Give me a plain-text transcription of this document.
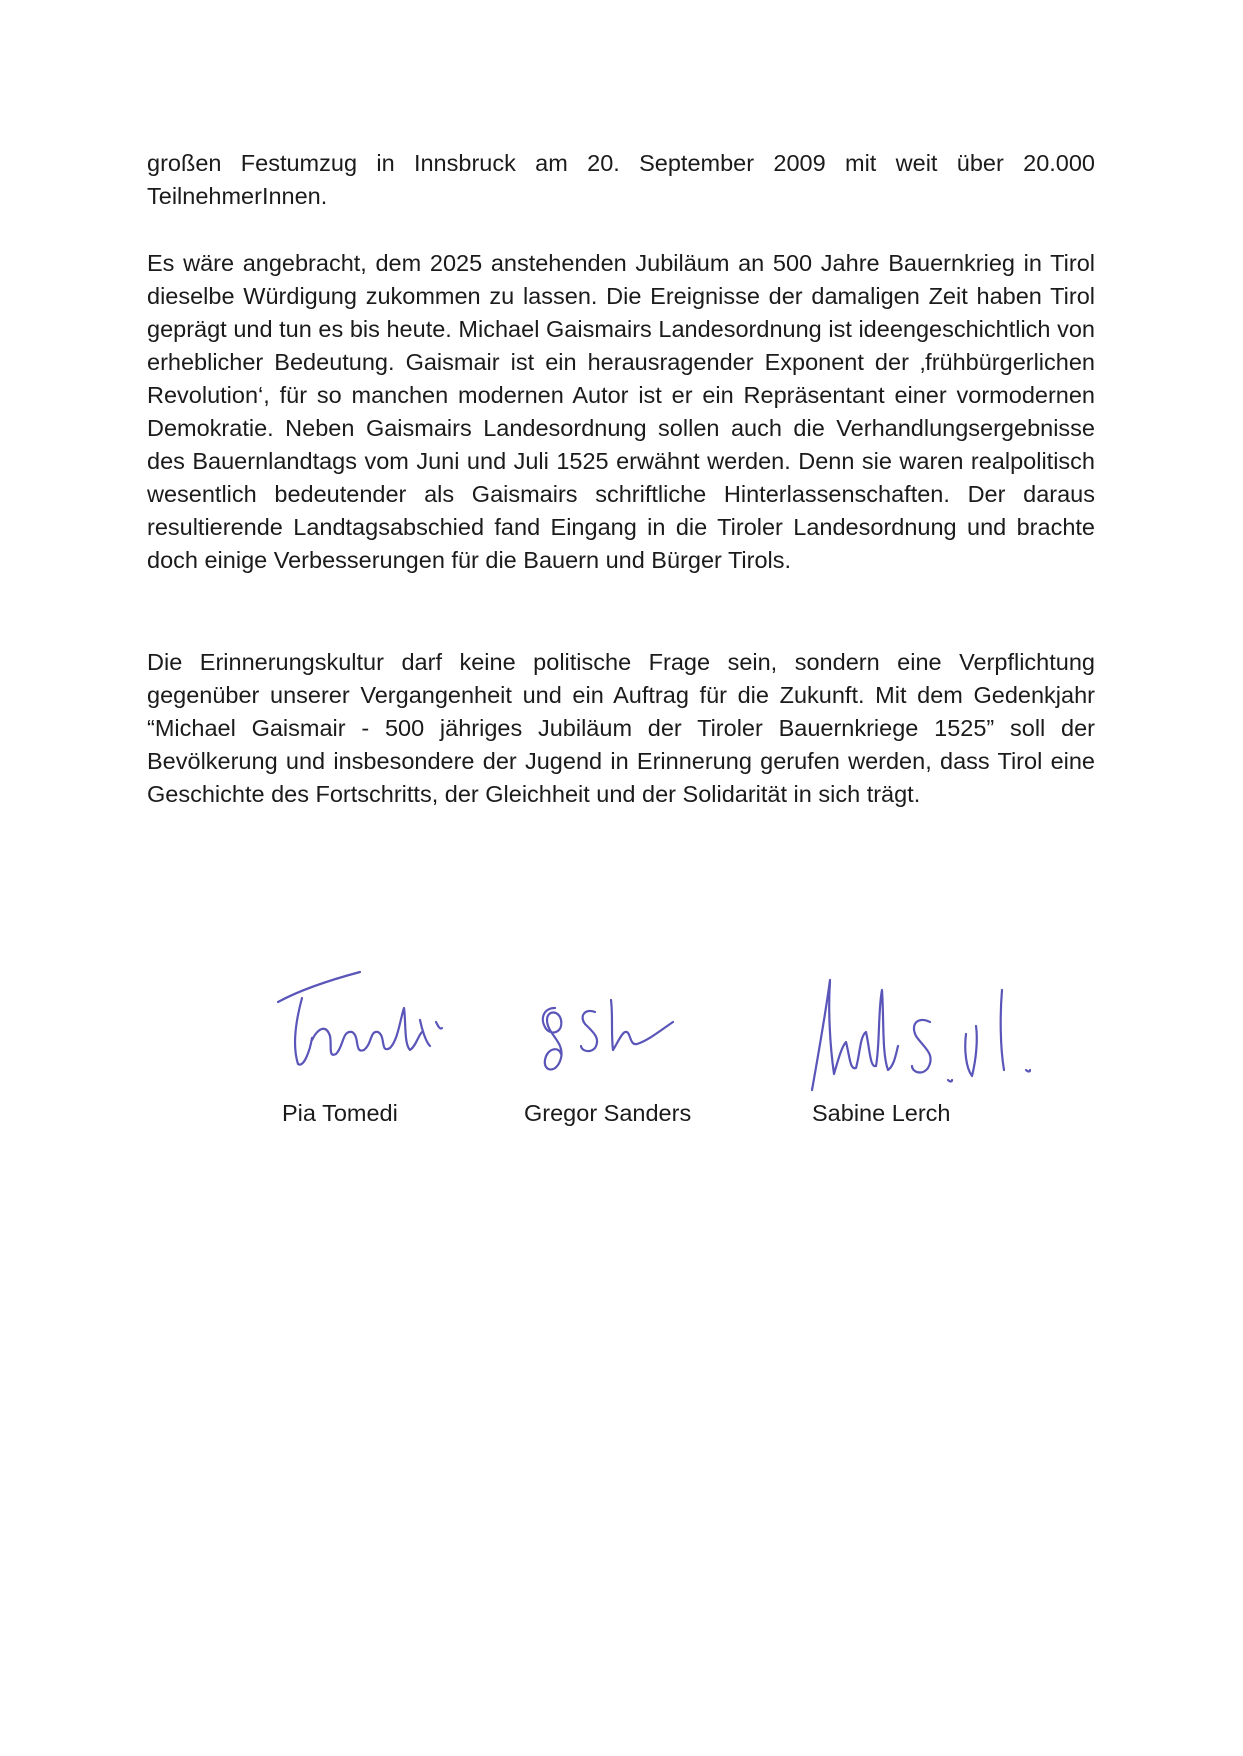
großen Festumzug in Innsbruck am 20. September 2009 mit weit über 20.000 TeilnehmerInnen.

Es wäre angebracht, dem 2025 anstehenden Jubiläum an 500 Jahre Bauernkrieg in Tirol dieselbe Würdigung zukommen zu lassen. Die Ereignisse der damaligen Zeit haben Tirol geprägt und tun es bis heute. Michael Gaismairs Landesordnung ist ideengeschichtlich von erheblicher Bedeutung. Gaismair ist ein herausragender Exponent der ‚frühbürgerlichen Revolution‘, für so manchen modernen Autor ist er ein Repräsentant einer vormodernen Demokratie. Neben Gaismairs Landesordnung sollen auch die Verhandlungsergebnisse des Bauernlandtags vom Juni und Juli 1525 erwähnt werden. Denn sie waren realpolitisch wesentlich bedeutender als Gaismairs schriftliche Hinterlassenschaften. Der daraus resultierende Landtagsabschied fand Eingang in die Tiroler Landesordnung und brachte doch einige Verbesserungen für die Bauern und Bürger Tirols.

Die Erinnerungskultur darf keine politische Frage sein, sondern eine Verpflichtung gegenüber unserer Vergangenheit und ein Auftrag für die Zukunft. Mit dem Gedenkjahr “Michael Gaismair - 500 jähriges Jubiläum der Tiroler Bauernkriege 1525” soll der Bevölkerung und insbesondere der Jugend in Erinnerung gerufen werden, dass Tirol eine Geschichte des Fortschritts, der Gleichheit und der Solidarität in sich trägt.

Pia Tomedi	Gregor Sanders	Sabine Lerch
